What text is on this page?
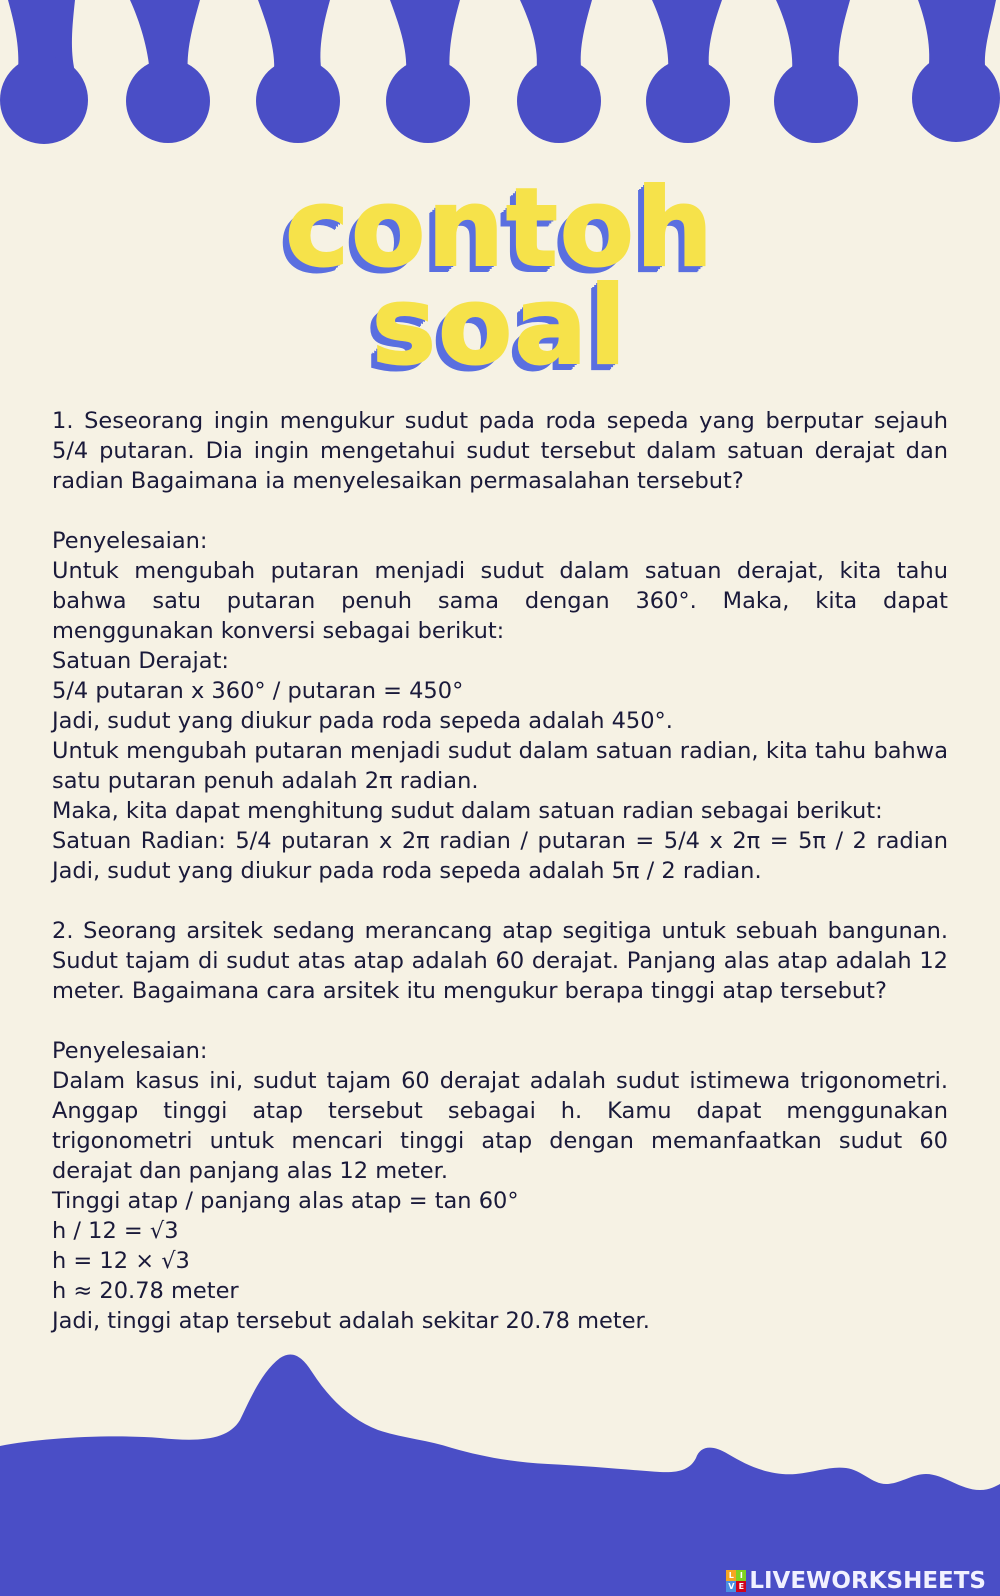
contoh
soal

1. Seseorang ingin mengukur sudut pada roda sepeda yang berputar sejauh 5/4 putaran. Dia ingin mengetahui sudut tersebut dalam satuan derajat dan radian Bagaimana ia menyelesaikan permasalahan tersebut?

Penyelesaian:

Untuk mengubah putaran menjadi sudut dalam satuan derajat, kita tahu bahwa satu putaran penuh sama dengan 360°. Maka, kita dapat menggunakan konversi sebagai berikut:

Satuan Derajat:
5/4 putaran x 360° / putaran = 450°
Jadi, sudut yang diukur pada roda sepeda adalah 450°.

Untuk mengubah putaran menjadi sudut dalam satuan radian, kita tahu bahwa satu putaran penuh adalah 2π radian.

Maka, kita dapat menghitung sudut dalam satuan radian sebagai berikut:

Satuan Radian: 5/4 putaran x 2π radian / putaran = 5/4 x 2π = 5π / 2 radian Jadi, sudut yang diukur pada roda sepeda adalah 5π / 2 radian.

2. Seorang arsitek sedang merancang atap segitiga untuk sebuah bangunan. Sudut tajam di sudut atas atap adalah 60 derajat. Panjang alas atap adalah 12 meter. Bagaimana cara arsitek itu mengukur berapa tinggi atap tersebut?

Penyelesaian:

Dalam kasus ini, sudut tajam 60 derajat adalah sudut istimewa trigonometri. Anggap tinggi atap tersebut sebagai h. Kamu dapat menggunakan trigonometri untuk mencari tinggi atap dengan memanfaatkan sudut 60 derajat dan panjang alas 12 meter.

Tinggi atap / panjang alas atap = tan 60°
h / 12 = √3
h = 12 × √3
h ≈ 20.78 meter
Jadi, tinggi atap tersebut adalah sekitar 20.78 meter.
L I
V E LIVEWORKSHEETS
